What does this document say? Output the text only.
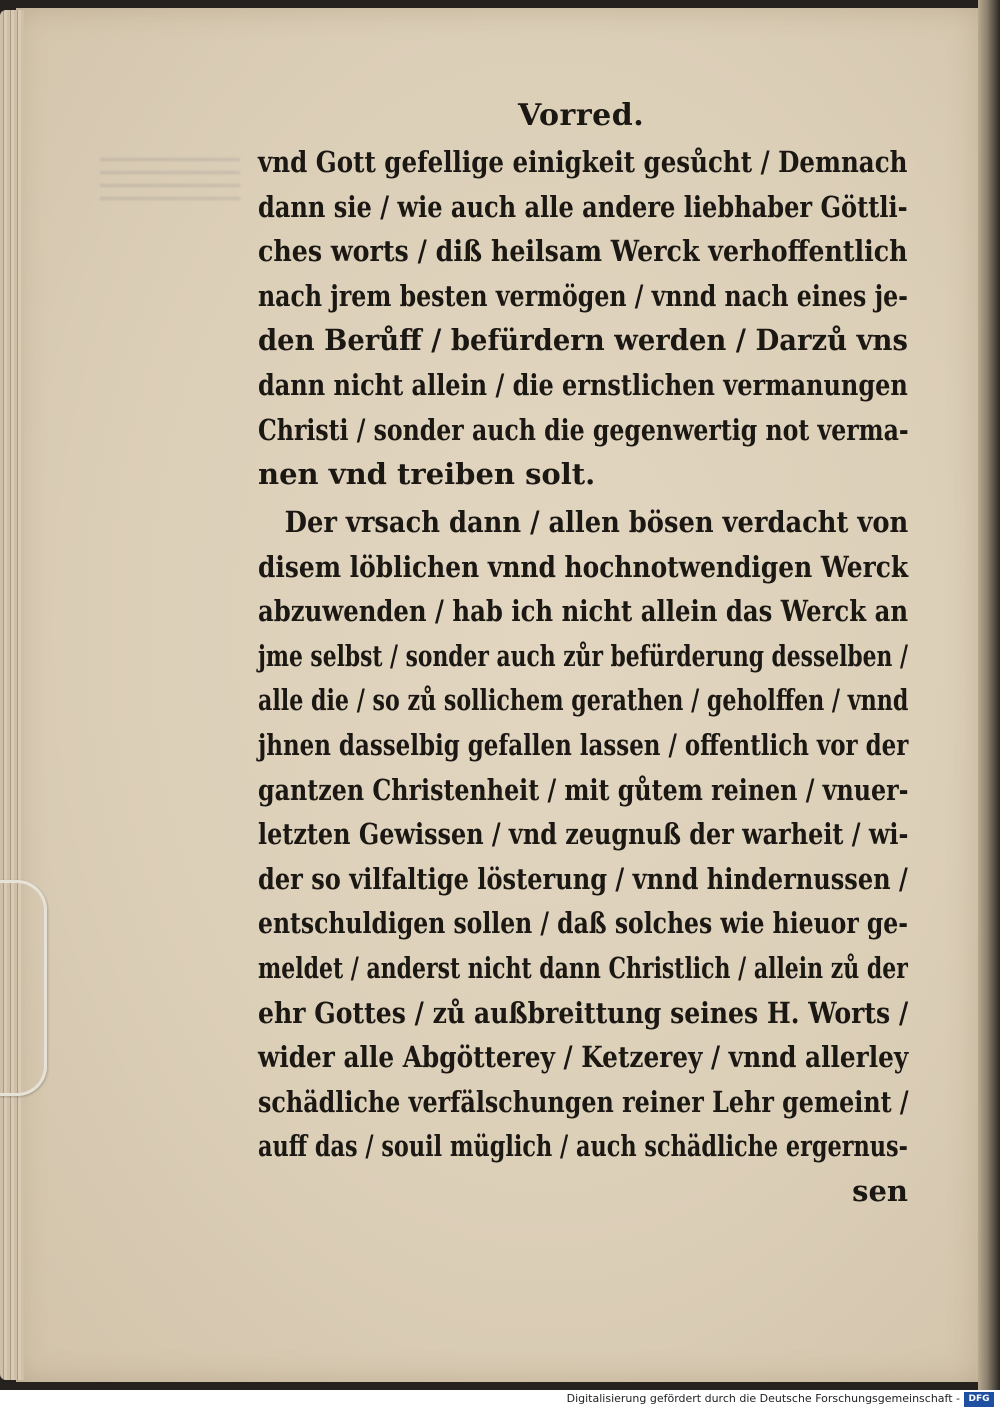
Vorred.
vnd Gott gefellige einigkeit gesůcht / Demnach
dann sie / wie auch alle andere liebhaber Göttli-
ches worts / diß heilsam Werck verhoffentlich
nach jrem besten vermögen / vnnd nach eines je-
den Berůff / befürdern werden / Darzů vns
dann nicht allein / die ernstlichen vermanungen
Christi / sonder auch die gegenwertig not verma-
nen vnd treiben solt.
Der vrsach dann / allen bösen verdacht von
disem löblichen vnnd hochnotwendigen Werck
abzuwenden / hab ich nicht allein das Werck an
jme selbst / sonder auch zůr befürderung desselben /
alle die / so zů sollichem gerathen / geholffen / vnnd
jhnen dasselbig gefallen lassen / offentlich vor der
gantzen Christenheit / mit gůtem reinen / vnuer-
letzten Gewissen / vnd zeugnuß der warheit / wi-
der so vilfaltige lösterung / vnnd hindernussen /
entschuldigen sollen / daß solches wie hieuor ge-
meldet / anderst nicht dann Christlich / allein zů der
ehr Gottes / zů außbreittung seines H. Worts /
wider alle Abgötterey / Ketzerey / vnnd allerley
schädliche verfälschungen reiner Lehr gemeint /
auff das / souil müglich / auch schädliche ergernus-
sen
Digitalisierung gefördert durch die Deutsche Forschungsgemeinschaft - DFG
